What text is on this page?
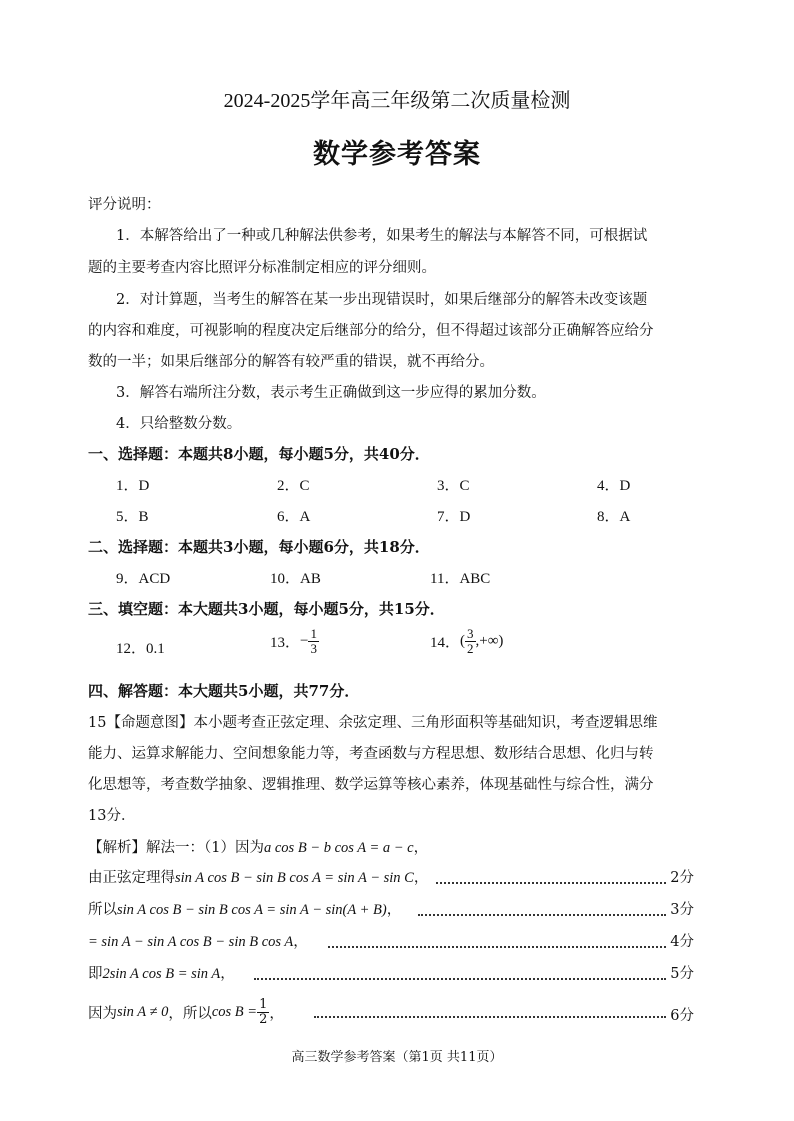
2024-2025学年高三年级第二次质量检测
数学参考答案
评分说明：
1．本解答给出了一种或几种解法供参考，如果考生的解法与本解答不同，可根据试
题的主要考查内容比照评分标准制定相应的评分细则。
2．对计算题，当考生的解答在某一步出现错误时，如果后继部分的解答未改变该题
的内容和难度，可视影响的程度决定后继部分的给分，但不得超过该部分正确解答应给分
数的一半；如果后继部分的解答有较严重的错误，就不再给分。
3．解答右端所注分数，表示考生正确做到这一步应得的累加分数。
4．只给整数分数。
一、选择题：本题共8小题，每小题5分，共40分．
1．D	2．C	3．C	4．D
5．B	6．A	7．D	8．A
二、选择题：本题共3小题，每小题6分，共18分．
9．ACD	10．AB	11．ABC
三、填空题：本大题共3小题，每小题5分，共15分．
12．0.1	13．− $\frac{1}{3}$	14．( $\frac{3}{2}$ ,+∞)
四、解答题：本大题共5小题，共77分．
15【命题意图】本小题考查正弦定理、余弦定理、三角形面积等基础知识，考查逻辑思维
能力、运算求解能力、空间想象能力等，考查函数与方程思想、数形结合思想、化归与转
化思想等，考查数学抽象、逻辑推理、数学运算等核心素养，体现基础性与综合性，满分
13分．
【解析】解法一：（1）因为a cos B − b cos A = a − c，
由正弦定理得sin A cos B − sin B cos A = sin A − sin C，	2分
所以sin A cos B − sin B cos A = sin A − sin(A + B)，	3分
= sin A − sin A cos B − sin B cos A，	4分
即2sin A cos B = sin A，	5分
因为sin A ≠ 0，所以$\cos B = \frac{1}{2}$ ，	6分
高三数学参考答案（第1页 共11页）
